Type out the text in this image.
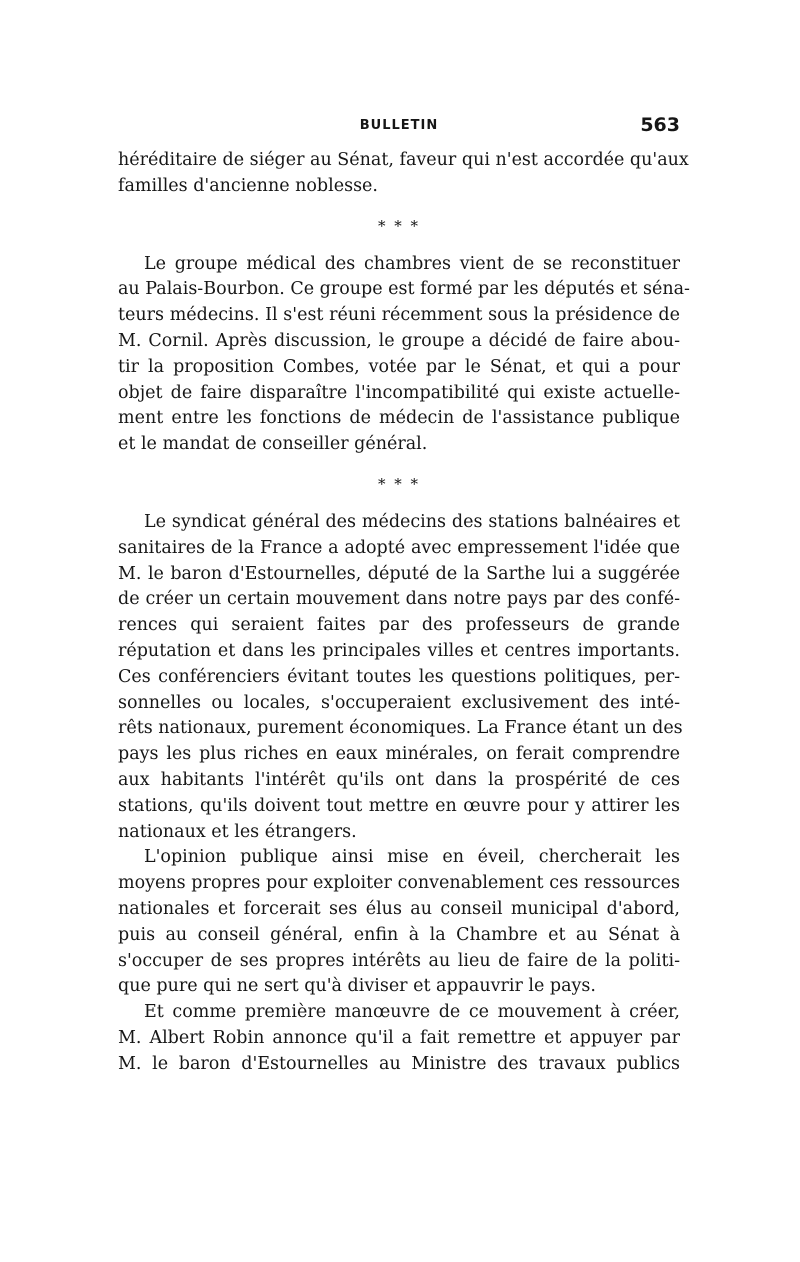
BULLETIN	563
héréditaire de siéger au Sénat, faveur qui n'est accordée qu'aux
familles d'ancienne noblesse.
* * *
Le groupe médical des chambres vient de se reconstituer
au Palais-Bourbon. Ce groupe est formé par les députés et séna-
teurs médecins. Il s'est réuni récemment sous la présidence de
M. Cornil. Après discussion, le groupe a décidé de faire abou-
tir la proposition Combes, votée par le Sénat, et qui a pour
objet de faire disparaître l'incompatibilité qui existe actuelle-
ment entre les fonctions de médecin de l'assistance publique
et le mandat de conseiller général.
* * *
Le syndicat général des médecins des stations balnéaires et
sanitaires de la France a adopté avec empressement l'idée que
M. le baron d'Estournelles, député de la Sarthe lui a suggérée
de créer un certain mouvement dans notre pays par des confé-
rences qui seraient faites par des professeurs de grande
réputation et dans les principales villes et centres importants.
Ces conférenciers évitant toutes les questions politiques, per-
sonnelles ou locales, s'occuperaient exclusivement des inté-
rêts nationaux, purement économiques. La France étant un des
pays les plus riches en eaux minérales, on ferait comprendre
aux habitants l'intérêt qu'ils ont dans la prospérité de ces
stations, qu'ils doivent tout mettre en œuvre pour y attirer les
nationaux et les étrangers.
L'opinion publique ainsi mise en éveil, chercherait les
moyens propres pour exploiter convenablement ces ressources
nationales et forcerait ses élus au conseil municipal d'abord,
puis au conseil général, enfin à la Chambre et au Sénat à
s'occuper de ses propres intérêts au lieu de faire de la politi-
que pure qui ne sert qu'à diviser et appauvrir le pays.
Et comme première manœuvre de ce mouvement à créer,
M. Albert Robin annonce qu'il a fait remettre et appuyer par
M. le baron d'Estournelles au Ministre des travaux publics
